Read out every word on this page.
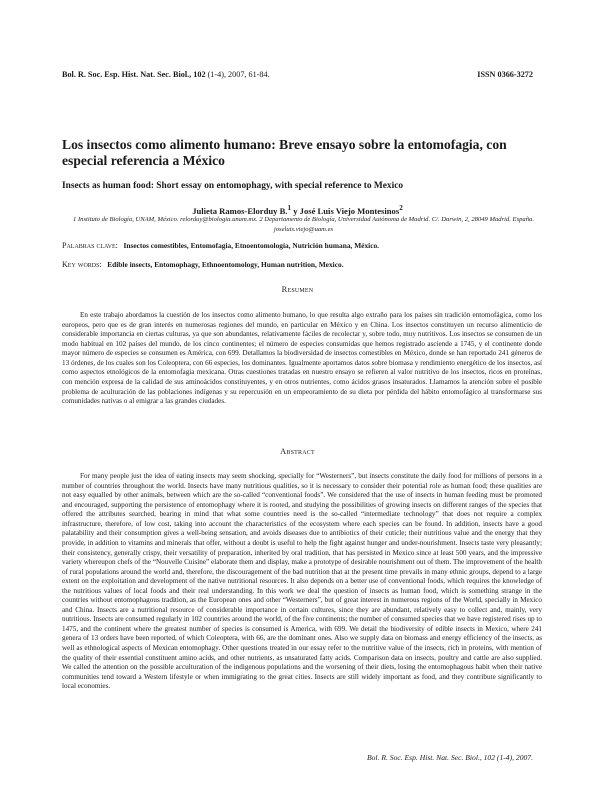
Bol. R. Soc. Esp. Hist. Nat. Sec. Biol., 102 (1-4), 2007, 61-84.	ISSN 0366-3272
Los insectos como alimento humano: Breve ensayo sobre la entomofagia, con especial referencia a México
Insects as human food: Short essay on entomophagy, with special reference to Mexico
Julieta Ramos-Elorduy B.$^1$ y José Luis Viejo Montesinos$^2$
1 Instituto de Biología, UNAM, México. relorduy@biologia.unam.mx. 2 Departamento de Biología, Universidad Autónoma de Madrid. C/. Darwin, 2, 28049 Madrid. España. joseluis.viejo@uam.es
Palabras clave: Insectos comestibles, Entomofagia, Etnoentomología, Nutrición humana, México.
Key words: Edible insects, Entomophagy, Ethnoentomology, Human nutrition, Mexico.
Resumen

En este trabajo abordamos la cuestión de los insectos como alimento humano, lo que resulta algo extraño para los países sin tradición entomofágica, como los europeos, pero que es de gran interés en numerosas regiones del mundo, en particular en México y en China. Los insectos constituyen un recurso alimenticio de considerable importancia en ciertas culturas, ya que son abundantes, relativamente fáciles de recolectar y, sobre todo, muy nutritivos. Los insectos se consumen de un modo habitual en 102 países del mundo, de los cinco continentes; el número de especies consumidas que hemos registrado asciende a 1745, y el continente donde mayor número de especies se consumen es América, con 699. Detallamos la biodiversidad de insectos comestibles en México, donde se han reportado 241 géneros de 13 órdenes, de los cuales son los Coleoptera, con 66 especies, los dominantes. Igualmente aportamos datos sobre biomasa y rendimiento energético de los insectos, así como aspectos etnológicos de la entomofagia mexicana. Otras cuestiones tratadas en nuestro ensayo se refieren al valor nutritivo de los insectos, ricos en proteínas, con mención expresa de la calidad de sus aminoácidos constituyentes, y en otros nutrientes, como ácidos grasos insaturados. Llamamos la atención sobre el posible problema de aculturación de las poblaciones indígenas y su repercusión en un empeoramiento de su dieta por pérdida del hábito entomofágico al transformarse sus comunidades nativas o al emigrar a las grandes ciudades.

Abstract

For many people just the idea of eating insects may seem shocking, specially for “Westerners”, but insects constitute the daily food for millions of persons in a number of countries throughout the world. Insects have many nutritious qualities, so it is necessary to consider their potential role as human food; these qualities are not easy equalled by other animals, between which are the so-called “conventional foods”. We considered that the use of insects in human feeding must be promoted and encouraged, supporting the persistence of entomophagy where it is rooted, and studying the possibilities of growing insects on different ranges of the species that offered the attributes searched, bearing in mind that what some countries need is the so-called “intermediate technology” that does not require a complex infrastructure, therefore, of low cost, taking into account the characteristics of the ecosystem where each species can be found. In addition, insects have a good palatability and their consumption gives a well-being sensation, and avoids diseases due to antibiotics of their cuticle; their nutritious value and the energy that they provide, in addition to vitamins and minerals that offer, without a doubt is useful to help the fight against hunger and under-nourishment. Insects taste very pleasantly; their consistency, generally crispy, their versatility of preparation, inherited by oral tradition, that has persisted in Mexico since at least 500 years, and the impressive variety whereupon chefs of the “Nouvelle Cuisine” elaborate them and display, make a prototype of desirable nourishment out of them. The improvement of the health of rural populations around the world and, therefore, the discouragement of the bad nutrition that at the present time prevails in many ethnic groups, depend to a large extent on the exploitation and development of the native nutritional resources. It also depends on a better use of conventional foods, which requires the knowledge of the nutritious values of local foods and their real understanding. In this work we deal the question of insects as human food, which is something strange in the countries without entomophagous tradition, as the European ones and other “Westerners”, but of great interest in numerous regions of the World, specially in Mexico and China. Insects are a nutritional resource of considerable importance in certain cultures, since they are abundant, relatively easy to collect and, mainly, very nutritious. Insects are consumed regularly in 102 countries around the world, of the five continents; the number of consumed species that we have registered rises up to 1475, and the continent where the greatest number of species is consumed is America, with 699. We detail the biodiversity of edible insects in Mexico, where 241 genera of 13 orders have been reported, of which Coleoptera, with 66, are the dominant ones. Also we supply data on biomass and energy efficiency of the insects, as well as ethnological aspects of Mexican entomophagy. Other questions treated in our essay refer to the nutritive value of the insects, rich in proteins, with mention of the quality of their essential constituent amino acids, and other nutrients, as unsaturated fatty acids. Comparison data on insects, poultry and cattle are also supplied. We called the attention on the possible acculturation of the indigenous populations and the worsening of their diets, losing the entomophagous habit when their native communities tend toward a Western lifestyle or when immigrating to the great cities. Insects are still widely important as food, and they contribute significantly to local economies.

Bol. R. Soc. Esp. Hist. Nat. Sec. Biol., 102 (1-4), 2007.
